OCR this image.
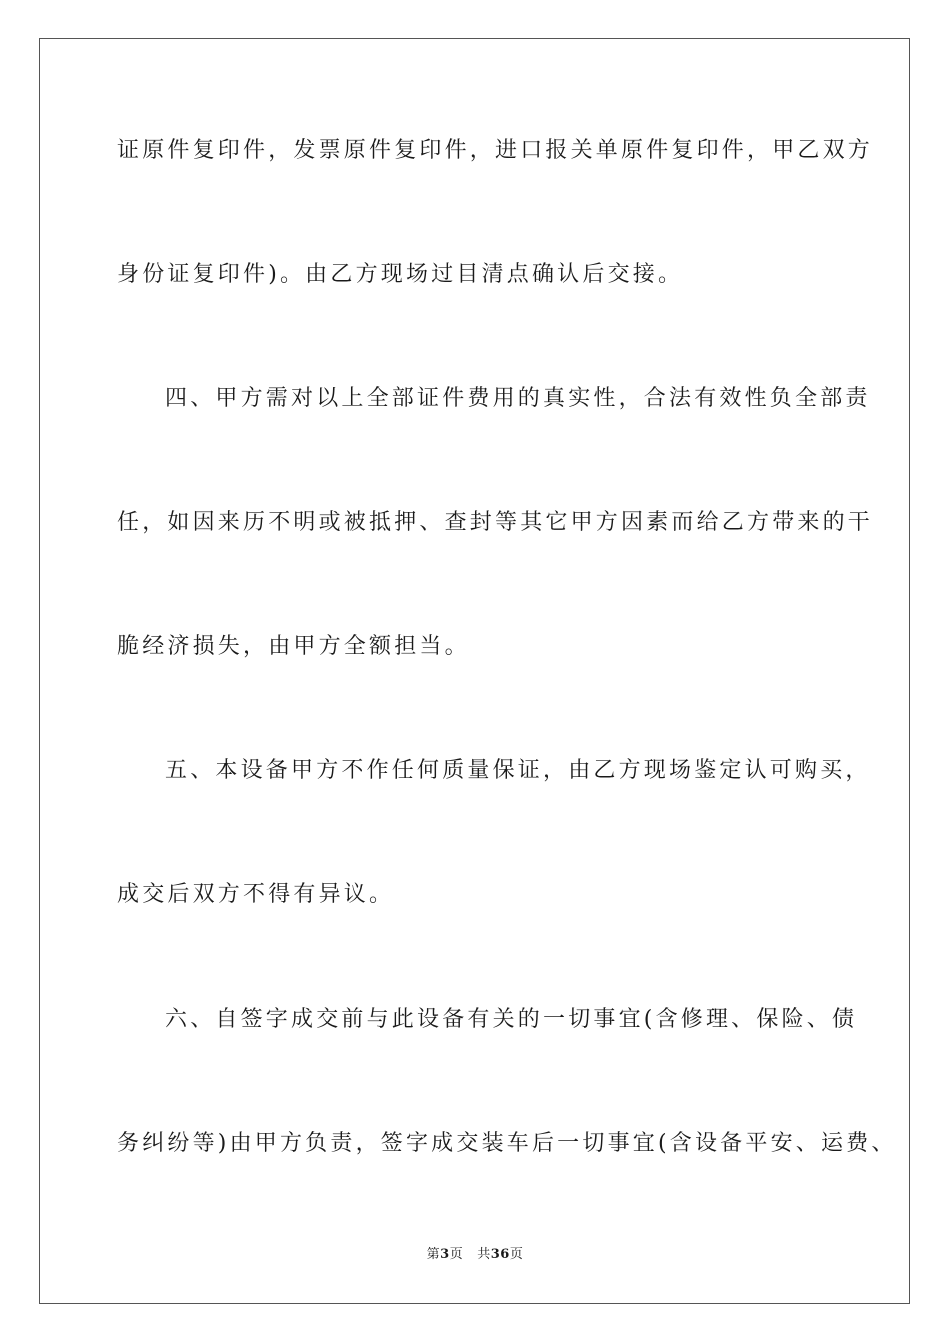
证原件复印件，发票原件复印件，进口报关单原件复印件，甲乙双方
身份证复印件)。由乙方现场过目清点确认后交接。
四、甲方需对以上全部证件费用的真实性，合法有效性负全部责
任，如因来历不明或被抵押、查封等其它甲方因素而给乙方带来的干
脆经济损失，由甲方全额担当。
五、本设备甲方不作任何质量保证，由乙方现场鉴定认可购买，
成交后双方不得有异议。
六、自签字成交前与此设备有关的一切事宜(含修理、保险、债
务纠纷等)由甲方负责，签字成交装车后一切事宜(含设备平安、运费、
第3页 共36页
